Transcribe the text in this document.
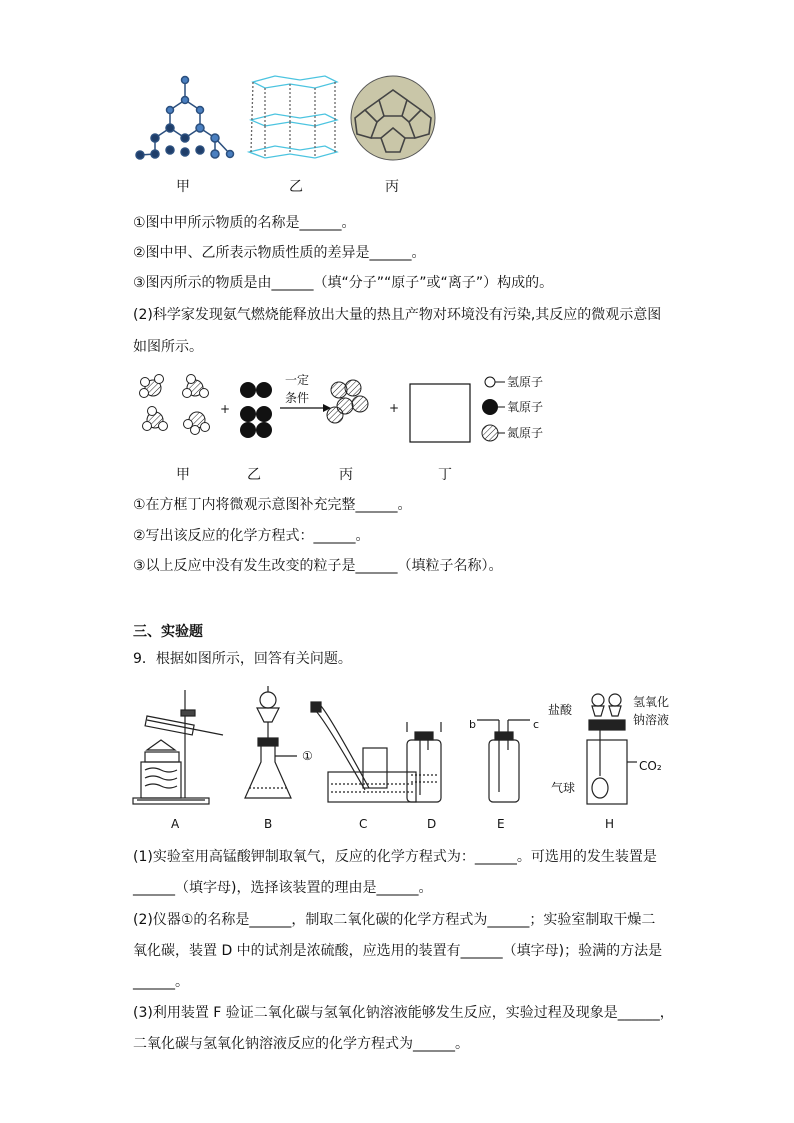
甲	乙	丙
①图中甲所示物质的名称是______。
②图中甲、乙所表示物质性质的差异是______。
③图丙所示的物质是由______（填“分子”“原子”或“离子”）构成的。
(2)科学家发现氨气燃烧能释放出大量的热且产物对环境没有污染,其反应的微观示意图
如图所示。
+
一定
条件
+
氢原子
氧原子
氮原子
甲	乙	丙	丁
①在方框丁内将微观示意图补充完整______。
②写出该反应的化学方程式：______。
③以上反应中没有发生改变的粒子是______（填粒子名称）。
三、实验题
9．根据如图所示，回答有关问题。
①
b	c
盐酸
氢氧化
钠溶液
CO₂
气球
A	B	C	D	E	H
(1)实验室用高锰酸钾制取氧气，反应的化学方程式为：______。可选用的发生装置是
______（填字母)，选择该装置的理由是______。
(2)仪器①的名称是______，制取二氧化碳的化学方程式为______；实验室制取干燥二
氧化碳，装置 D 中的试剂是浓硫酸，应选用的装置有______（填字母)；验满的方法是
______。
(3)利用装置 F 验证二氧化碳与氢氧化钠溶液能够发生反应，实验过程及现象是______，
二氧化碳与氢氧化钠溶液反应的化学方程式为______。
